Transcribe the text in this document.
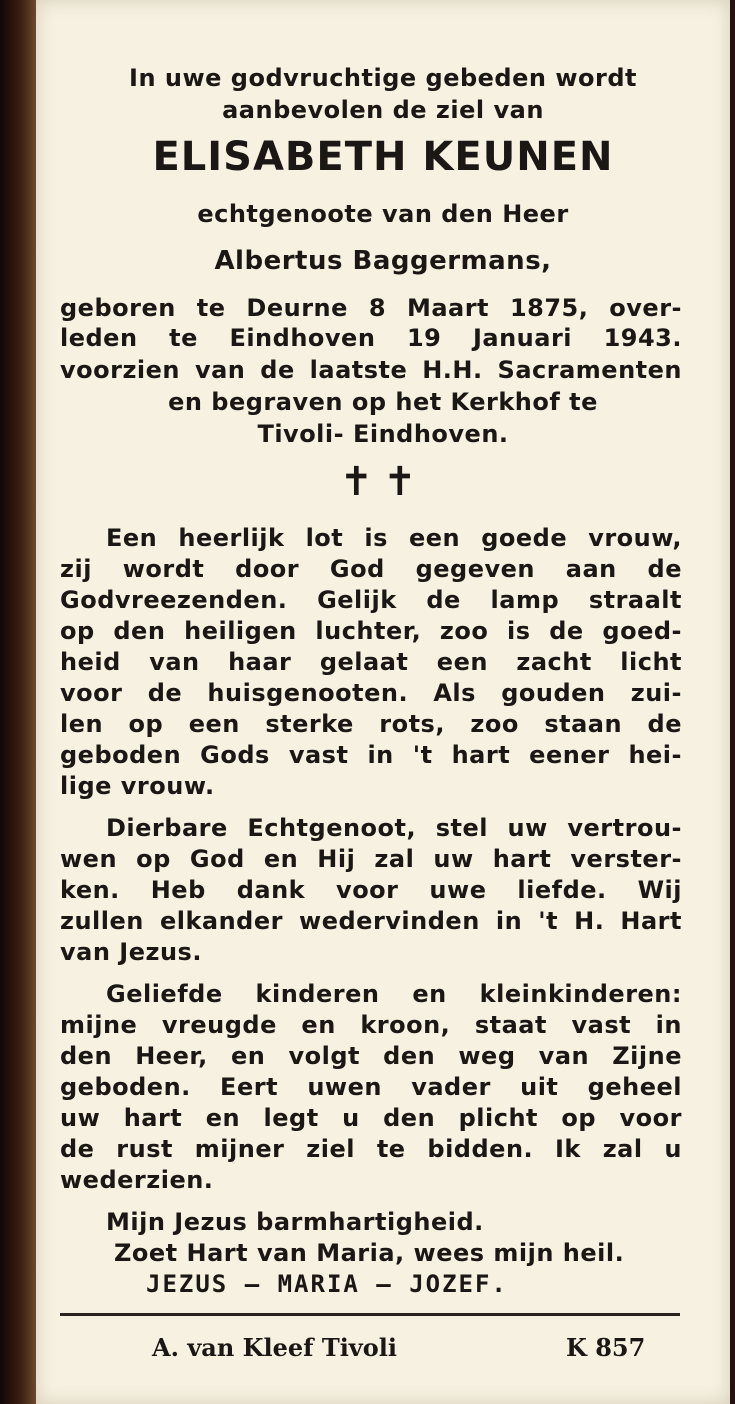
In uwe godvruchtige gebeden wordt
aanbevolen de ziel van
ELISABETH KEUNEN
echtgenoote van den Heer
Albertus Baggermans,
geboren te Deurne 8 Maart 1875, over-
leden te Eindhoven 19 Januari 1943.
voorzien van de laatste H.H. Sacramenten
en begraven op het Kerkhof te
Tivoli- Eindhoven.
✝✝
Een heerlijk lot is een goede vrouw,
zij wordt door God gegeven aan de
Godvreezenden. Gelijk de lamp straalt
op den heiligen luchter, zoo is de goed-
heid van haar gelaat een zacht licht
voor de huisgenooten. Als gouden zui-
len op een sterke rots, zoo staan de
geboden Gods vast in 't hart eener hei-
lige vrouw.
Dierbare Echtgenoot, stel uw vertrou-
wen op God en Hij zal uw hart verster-
ken. Heb dank voor uwe liefde. Wij
zullen elkander wedervinden in 't H. Hart
van Jezus.
Geliefde kinderen en kleinkinderen:
mijne vreugde en kroon, staat vast in
den Heer, en volgt den weg van Zijne
geboden. Eert uwen vader uit geheel
uw hart en legt u den plicht op voor
de rust mijner ziel te bidden. Ik zal u
wederzien.
Mijn Jezus barmhartigheid.
Zoet Hart van Maria, wees mijn heil.
JEZUS — MARIA — JOZEF.
A. van Kleef Tivoli	K 857
